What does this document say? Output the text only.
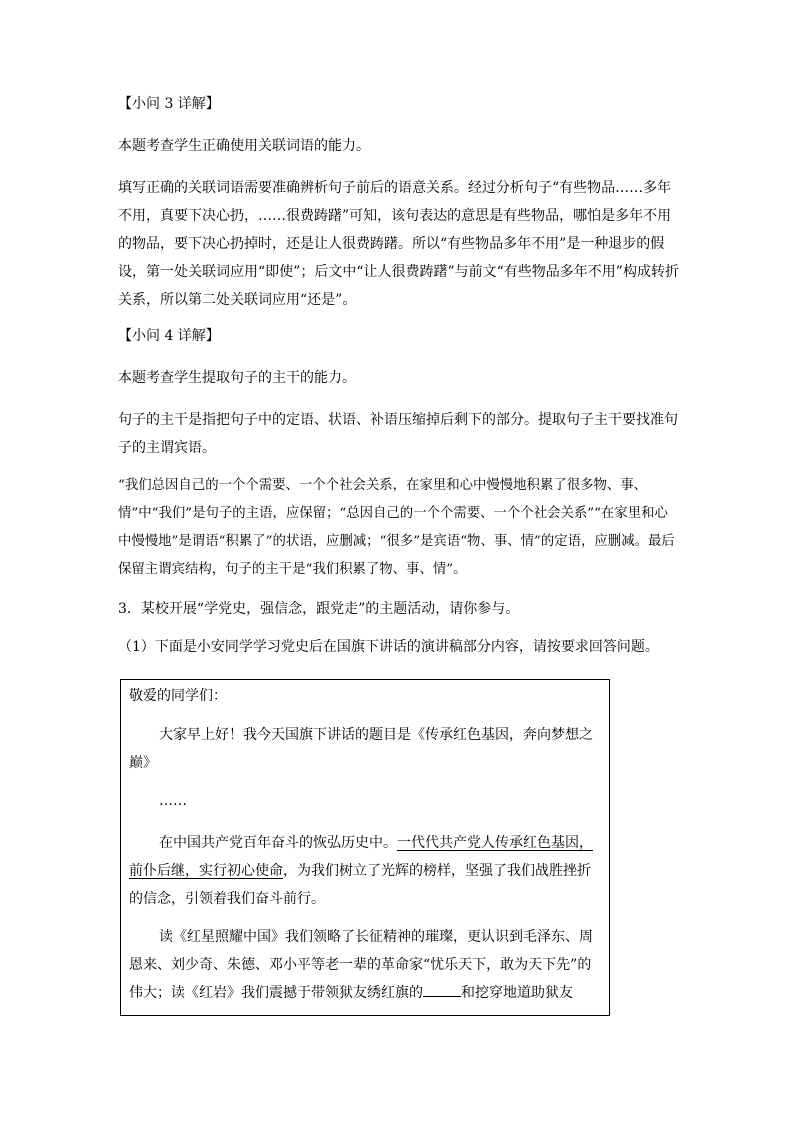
【小问 3 详解】

本题考查学生正确使用关联词语的能力。

填写正确的关联词语需要准确辨析句子前后的语意关系。经过分析句子“有些物品……多年不用，真要下决心扔，……很费踌躇”可知，该句表达的意思是有些物品，哪怕是多年不用的物品，要下决心扔掉时，还是让人很费踌躇。所以“有些物品多年不用”是一种退步的假设，第一处关联词应用“即使”；后文中“让人很费踌躇”与前文“有些物品多年不用”构成转折关系，所以第二处关联词应用“还是”。

【小问 4 详解】

本题考查学生提取句子的主干的能力。

句子的主干是指把句子中的定语、状语、补语压缩掉后剩下的部分。提取句子主干要找准句子的主谓宾语。

“我们总因自己的一个个需要、一个个社会关系，在家里和心中慢慢地积累了很多物、事、情”中“我们”是句子的主语，应保留；“总因自己的一个个需要、一个个社会关系”“在家里和心中慢慢地”是谓语“积累了”的状语，应删减；“很多”是宾语“物、事、情”的定语，应删减。最后保留主谓宾结构，句子的主干是“我们积累了物、事、情”。

3．某校开展“学党史，强信念，跟党走”的主题活动，请你参与。

（1）下面是小安同学学习党史后在国旗下讲话的演讲稿部分内容，请按要求回答问题。

敬爱的同学们：

大家早上好！我今天国旗下讲话的题目是《传承红色基因，奔向梦想之巅》

……

在中国共产党百年奋斗的恢弘历史中。一代代共产党人传承红色基因，前仆后继，实行初心使命，为我们树立了光辉的榜样，坚强了我们战胜挫折的信念，引领着我们奋斗前行。

读《红星照耀中国》我们领略了长征精神的璀璨，更认识到毛泽东、周恩来、刘少奇、朱德、邓小平等老一辈的革命家“忧乐天下，敢为天下先”的伟大；读《红岩》我们震撼于带领狱友绣红旗的	和挖穿地道助狱友
